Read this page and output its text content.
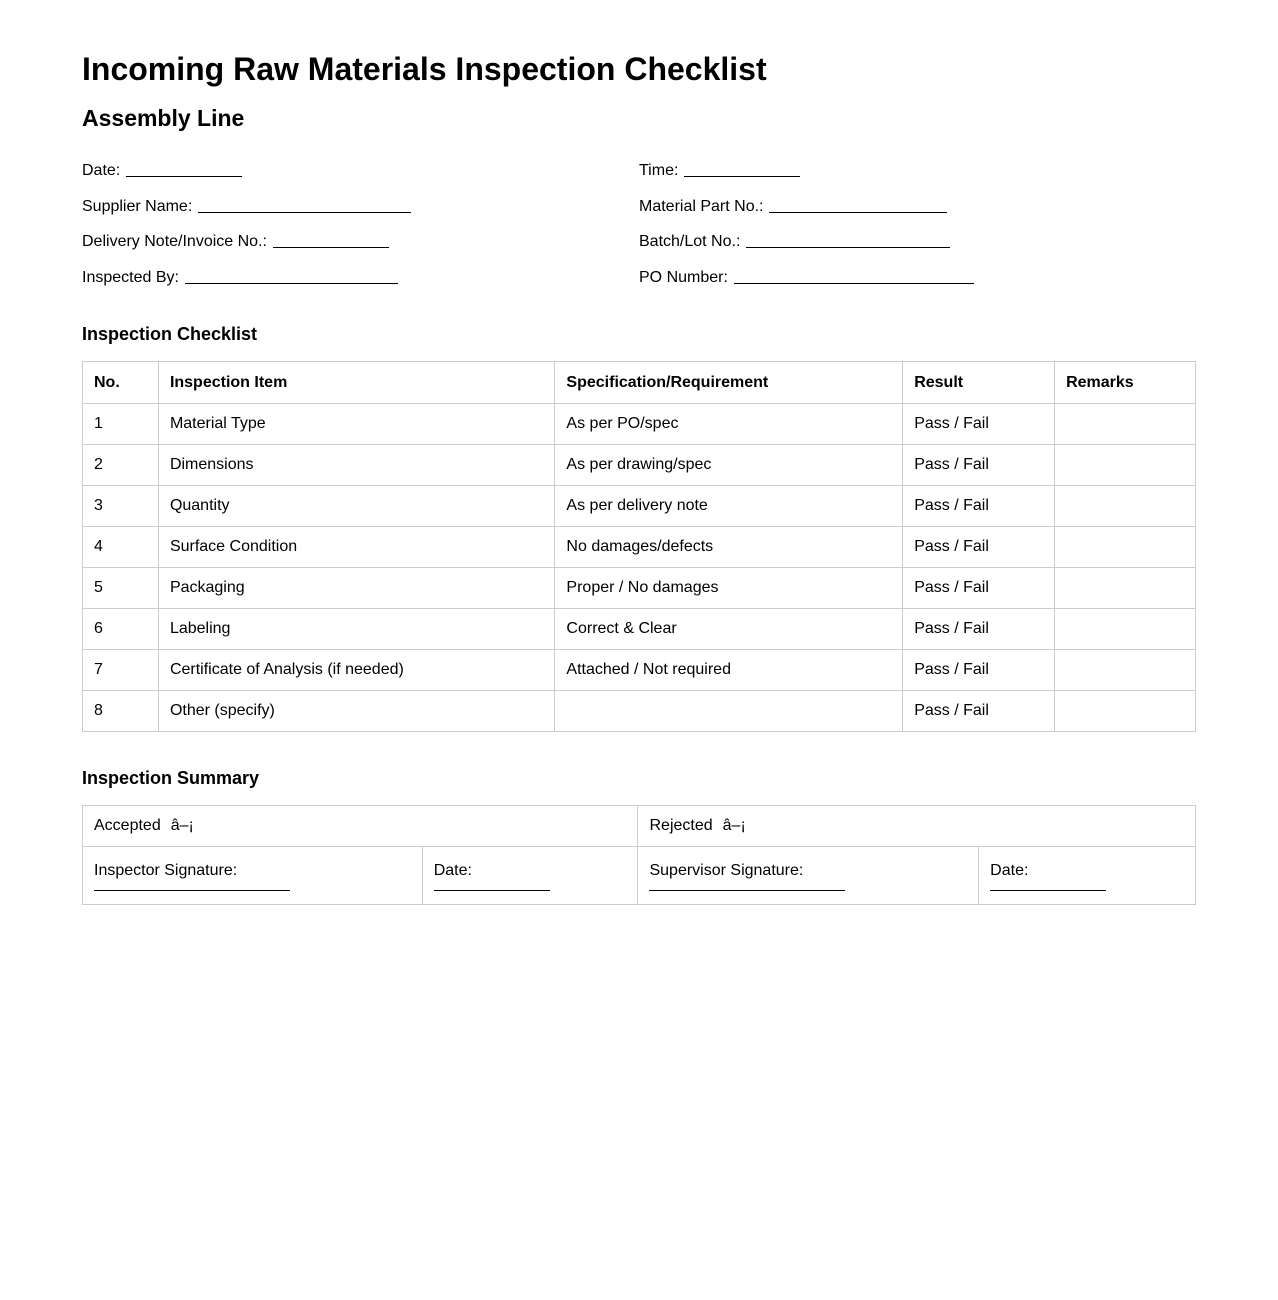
Incoming Raw Materials Inspection Checklist
Assembly Line
Date:
Supplier Name:
Delivery Note/Invoice No.:
Inspected By:
Time:
Material Part No.:
Batch/Lot No.:
PO Number:
Inspection Checklist
No.	Inspection Item	Specification/Requirement	Result	Remarks
1	Material Type	As per PO/spec	Pass / Fail	
2	Dimensions	As per drawing/spec	Pass / Fail	
3	Quantity	As per delivery note	Pass / Fail	
4	Surface Condition	No damages/defects	Pass / Fail	
5	Packaging	Proper / No damages	Pass / Fail	
6	Labeling	Correct & Clear	Pass / Fail	
7	Certificate of Analysis (if needed)	Attached / Not required	Pass / Fail	
8	Other (specify)		Pass / Fail	
Inspection Summary
Accepted â–¡		Rejected â–¡	

Inspector Signature:	Date:	Supervisor Signature:	Date:
